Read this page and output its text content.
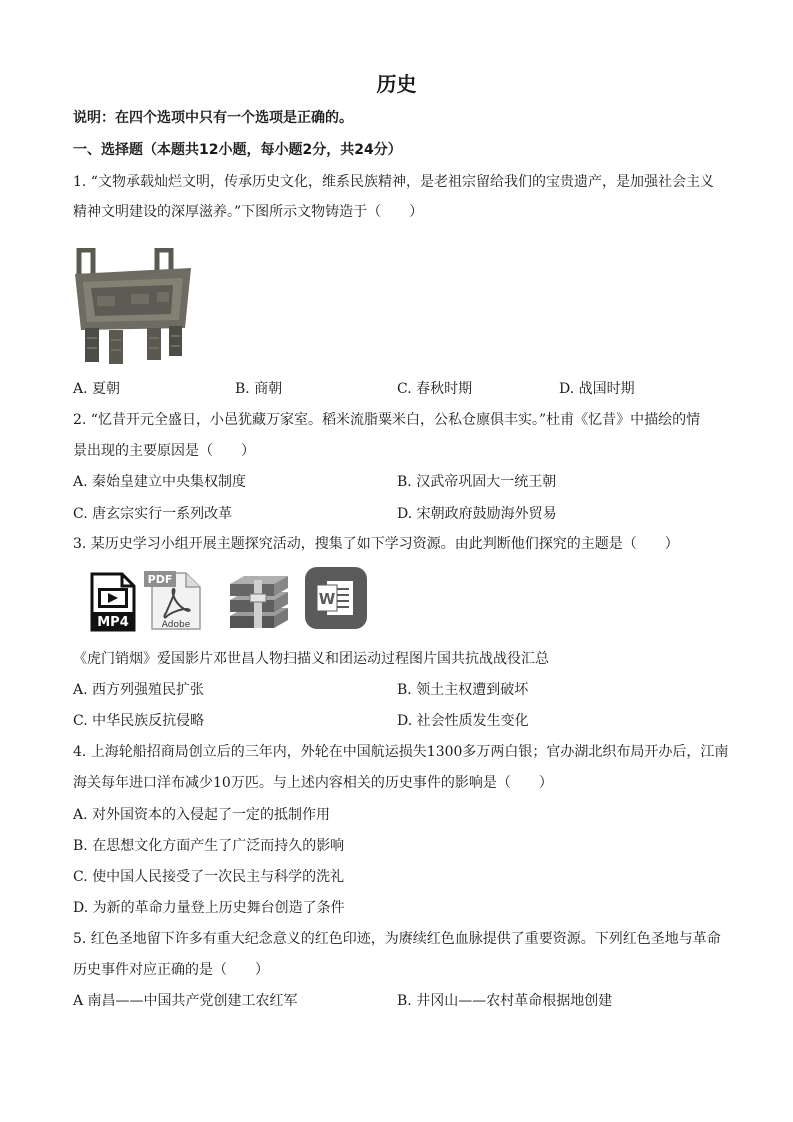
历史
说明：在四个选项中只有一个选项是正确的。
一、选择题（本题共12小题，每小题2分，共24分）
1. “文物承载灿烂文明，传承历史文化，维系民族精神，是老祖宗留给我们的宝贵遗产，是加强社会主义
精神文明建设的深厚滋养。”下图所示文物铸造于（　　）
A. 夏朝	B. 商朝	C. 春秋时期	D. 战国时期
2. “忆昔开元全盛日，小邑犹藏万家室。稻米流脂粟米白，公私仓廪俱丰实。”杜甫《忆昔》中描绘的情
景出现的主要原因是（　　）
A. 秦始皇建立中央集权制度	B. 汉武帝巩固大一统王朝
C. 唐玄宗实行一系列改革	D. 宋朝政府鼓励海外贸易
3. 某历史学习小组开展主题探究活动，搜集了如下学习资源。由此判断他们探究的主题是（　　）
MP4
PDF
Adobe
W
《虎门销烟》爱国影片邓世昌人物扫描义和团运动过程图片国共抗战战役汇总
A. 西方列强殖民扩张	B. 领土主权遭到破坏
C. 中华民族反抗侵略	D. 社会性质发生变化
4. 上海轮船招商局创立后的三年内，外轮在中国航运损失1300多万两白银；官办湖北织布局开办后，江南
海关每年进口洋布减少10万匹。与上述内容相关的历史事件的影响是（　　）
A. 对外国资本的入侵起了一定的抵制作用
B. 在思想文化方面产生了广泛而持久的影响
C. 使中国人民接受了一次民主与科学的洗礼
D. 为新的革命力量登上历史舞台创造了条件
5. 红色圣地留下许多有重大纪念意义的红色印迹，为赓续红色血脉提供了重要资源。下列红色圣地与革命
历史事件对应正确的是（　　）
A 南昌——中国共产党创建工农红军	B. 井冈山——农村革命根据地创建
